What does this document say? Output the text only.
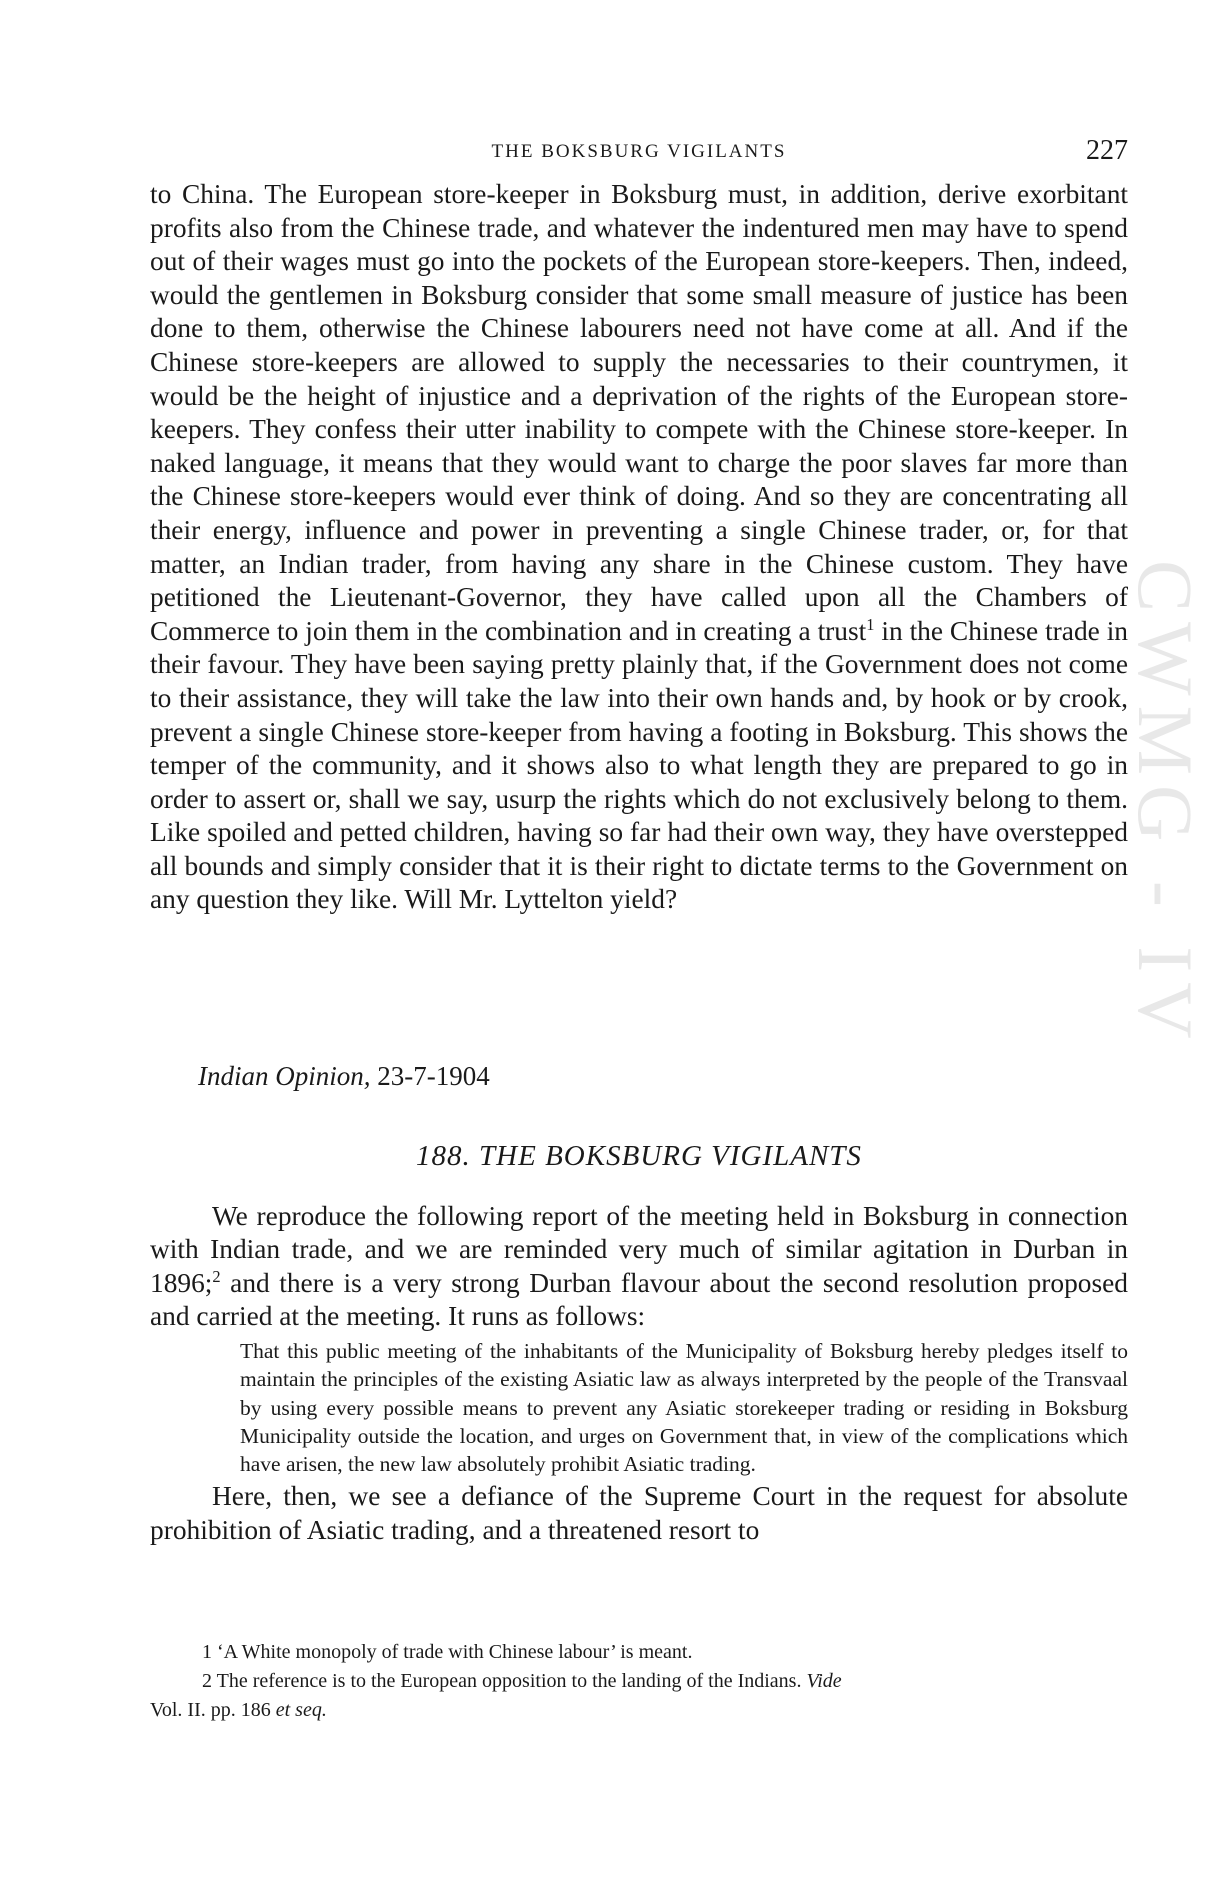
THE BOKSBURG VIGILANTS	227

to China. The European store-keeper in Boksburg must, in addition, derive exorbitant profits also from the Chinese trade, and whatever the indentured men may have to spend out of their wages must go into the pockets of the European store-keepers. Then, indeed, would the gentlemen in Boksburg consider that some small measure of justice has been done to them, otherwise the Chinese labourers need not have come at all. And if the Chinese store-keepers are allowed to supply the necessaries to their countrymen, it would be the height of injustice and a deprivation of the rights of the European store-keepers. They confess their utter inability to compete with the Chinese store-keeper. In naked language, it means that they would want to charge the poor slaves far more than the Chinese store-keepers would ever think of doing. And so they are concentrating all their energy, influence and power in preventing a single Chinese trader, or, for that matter, an Indian trader, from having any share in the Chinese custom. They have petitioned the Lieutenant-Governor, they have called upon all the Chambers of Commerce to join them in the combination and in creating a trust$^1$ in the Chinese trade in their favour. They have been saying pretty plainly that, if the Government does not come to their assistance, they will take the law into their own hands and, by hook or by crook, prevent a single Chinese store-keeper from having a footing in Boksburg. This shows the temper of the community, and it shows also to what length they are prepared to go in order to assert or, shall we say, usurp the rights which do not exclusively belong to them. Like spoiled and petted children, having so far had their own way, they have overstepped all bounds and simply consider that it is their right to dictate terms to the Government on any question they like. Will Mr. Lyttelton yield?

Indian Opinion, 23-7-1904
188. THE BOKSBURG VIGILANTS

We reproduce the following report of the meeting held in Boksburg in connection with Indian trade, and we are reminded very much of similar agitation in Durban in 1896;$^2$ and there is a very strong Durban flavour about the second resolution proposed and carried at the meeting. It runs as follows:

That this public meeting of the inhabitants of the Municipality of Boksburg hereby pledges itself to maintain the principles of the existing Asiatic law as always interpreted by the people of the Transvaal by using every possible means to prevent any Asiatic storekeeper trading or residing in Boksburg Municipality outside the location, and urges on Government that, in view of the complications which have arisen, the new law absolutely prohibit Asiatic trading.

Here, then, we see a defiance of the Supreme Court in the request for absolute prohibition of Asiatic trading, and a threatened resort to

1 ‘A White monopoly of trade with Chinese labour’ is meant.

2 The reference is to the European opposition to the landing of the Indians. Vide

Vol. II. pp. 186 et seq.

CWMG - IV
